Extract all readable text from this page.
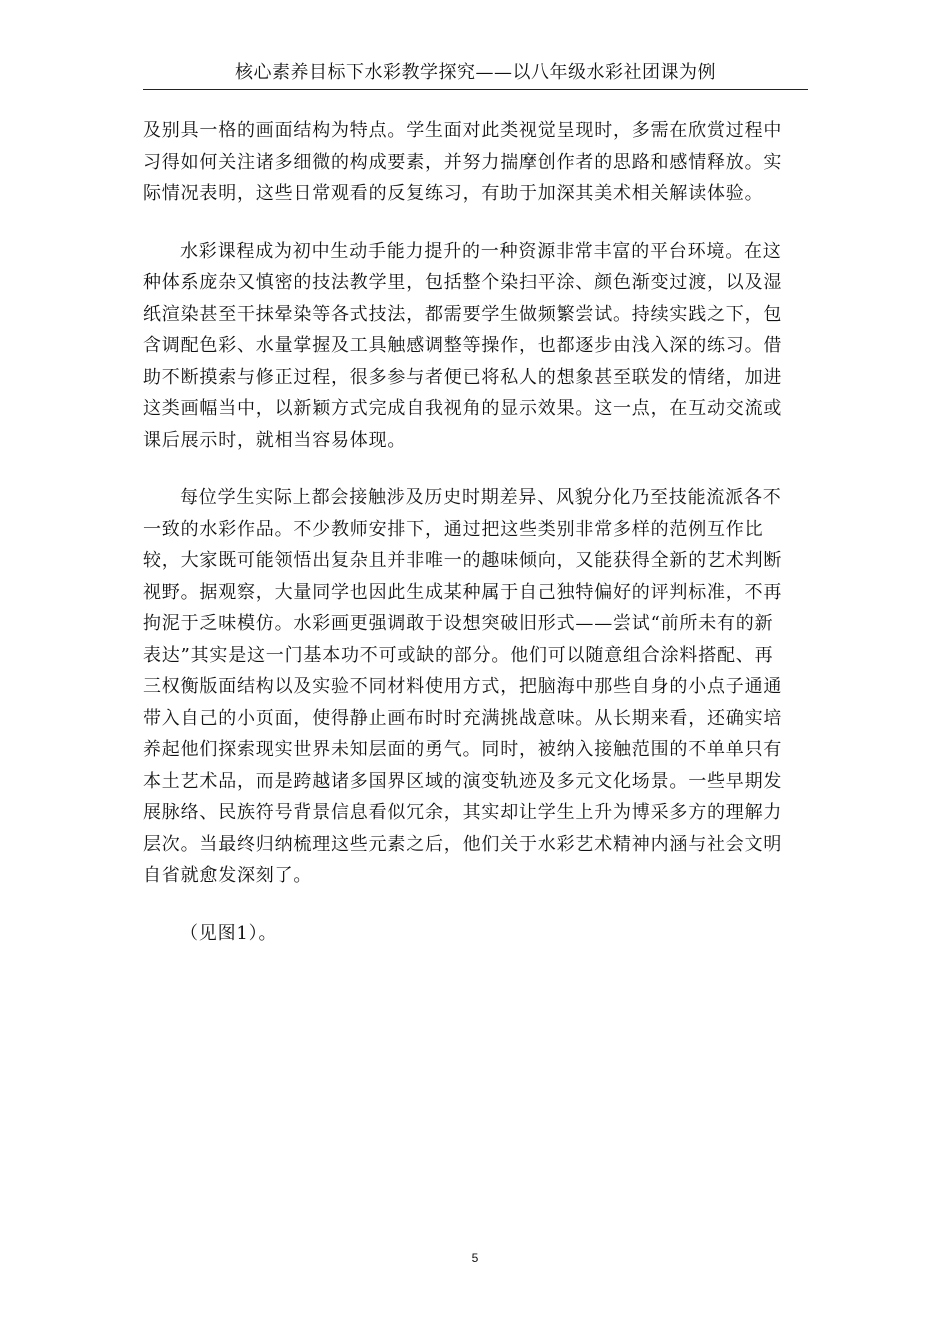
核心素养目标下水彩教学探究——以八年级水彩社团课为例

及别具一格的画面结构为特点。学生面对此类视觉呈现时，多需在欣赏过程中
习得如何关注诸多细微的构成要素，并努力揣摩创作者的思路和感情释放。实
际情况表明，这些日常观看的反复练习，有助于加深其美术相关解读体验。

水彩课程成为初中生动手能力提升的一种资源非常丰富的平台环境。在这
种体系庞杂又慎密的技法教学里，包括整个染扫平涂、颜色渐变过渡，以及湿
纸渲染甚至干抹晕染等各式技法，都需要学生做频繁尝试。持续实践之下，包
含调配色彩、水量掌握及工具触感调整等操作，也都逐步由浅入深的练习。借
助不断摸索与修正过程，很多参与者便已将私人的想象甚至联发的情绪，加进
这类画幅当中，以新颖方式完成自我视角的显示效果。这一点，在互动交流或
课后展示时，就相当容易体现。

每位学生实际上都会接触涉及历史时期差异、风貌分化乃至技能流派各不
一致的水彩作品。不少教师安排下，通过把这些类别非常多样的范例互作比
较，大家既可能领悟出复杂且并非唯一的趣味倾向，又能获得全新的艺术判断
视野。据观察，大量同学也因此生成某种属于自己独特偏好的评判标准，不再
拘泥于乏味模仿。水彩画更强调敢于设想突破旧形式——尝试“前所未有的新
表达”其实是这一门基本功不可或缺的部分。他们可以随意组合涂料搭配、再
三权衡版面结构以及实验不同材料使用方式，把脑海中那些自身的小点子通通
带入自己的小页面，使得静止画布时时充满挑战意味。从长期来看，还确实培
养起他们探索现实世界未知层面的勇气。同时，被纳入接触范围的不单单只有
本土艺术品，而是跨越诸多国界区域的演变轨迹及多元文化场景。一些早期发
展脉络、民族符号背景信息看似冗余，其实却让学生上升为博采多方的理解力
层次。当最终归纳梳理这些元素之后，他们关于水彩艺术精神内涵与社会文明
自省就愈发深刻了。

（见图1）。

5
